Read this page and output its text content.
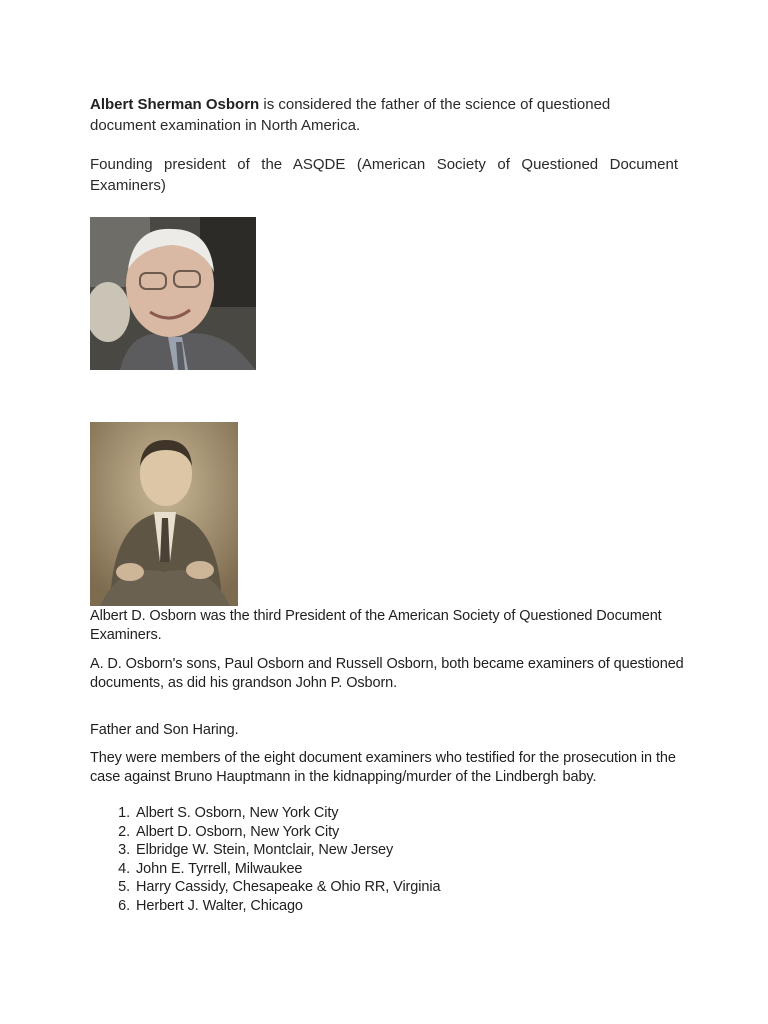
Albert Sherman Osborn is considered the father of the science of questioned document examination in North America.
Founding president of the ASQDE (American Society of Questioned Document Examiners)
Albert D. Osborn was the third President of the American Society of Questioned Document Examiners.
A. D. Osborn's sons, Paul Osborn and Russell Osborn, both became examiners of questioned documents, as did his grandson John P. Osborn.
Father and Son Haring.
They were members of the eight document examiners who testified for the prosecution in the case against Bruno Hauptmann in the kidnapping/murder of the Lindbergh baby.
1. Albert S. Osborn, New York City
2. Albert D. Osborn, New York City
3. Elbridge W. Stein, Montclair, New Jersey
4. John E. Tyrrell, Milwaukee
5. Harry Cassidy, Chesapeake & Ohio RR, Virginia
6. Herbert J. Walter, Chicago
